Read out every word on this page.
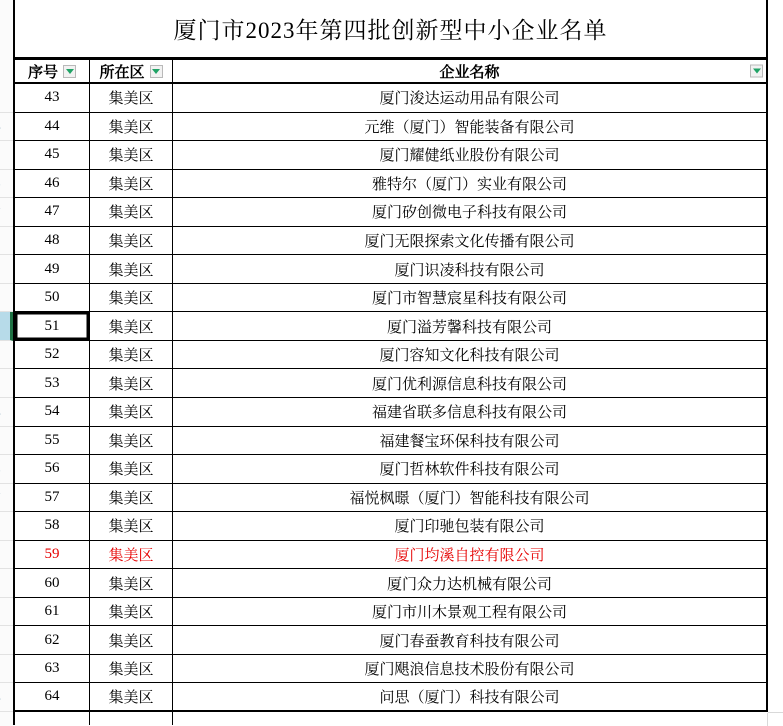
厦门市2023年第四批创新型中小企业名单
序号	所在区	企业名称
43	集美区	厦门浚达运动用品有限公司
44	集美区	元维（厦门）智能装备有限公司
45	集美区	厦门耀健纸业股份有限公司
46	集美区	雅特尔（厦门）实业有限公司
47	集美区	厦门矽创微电子科技有限公司
48	集美区	厦门无限探索文化传播有限公司
49	集美区	厦门识凌科技有限公司
50	集美区	厦门市智慧宸星科技有限公司
51	集美区	厦门溢芳馨科技有限公司
52	集美区	厦门容知文化科技有限公司
53	集美区	厦门优利源信息科技有限公司
54	集美区	福建省联多信息科技有限公司
55	集美区	福建餐宝环保科技有限公司
56	集美区	厦门哲林软件科技有限公司
57	集美区	福悦枫暻（厦门）智能科技有限公司
58	集美区	厦门印驰包装有限公司
59	集美区	厦门均溪自控有限公司
60	集美区	厦门众力达机械有限公司
61	集美区	厦门市川木景观工程有限公司
62	集美区	厦门春蚕教育科技有限公司
63	集美区	厦门飓浪信息技术股份有限公司
64	集美区	问思（厦门）科技有限公司
